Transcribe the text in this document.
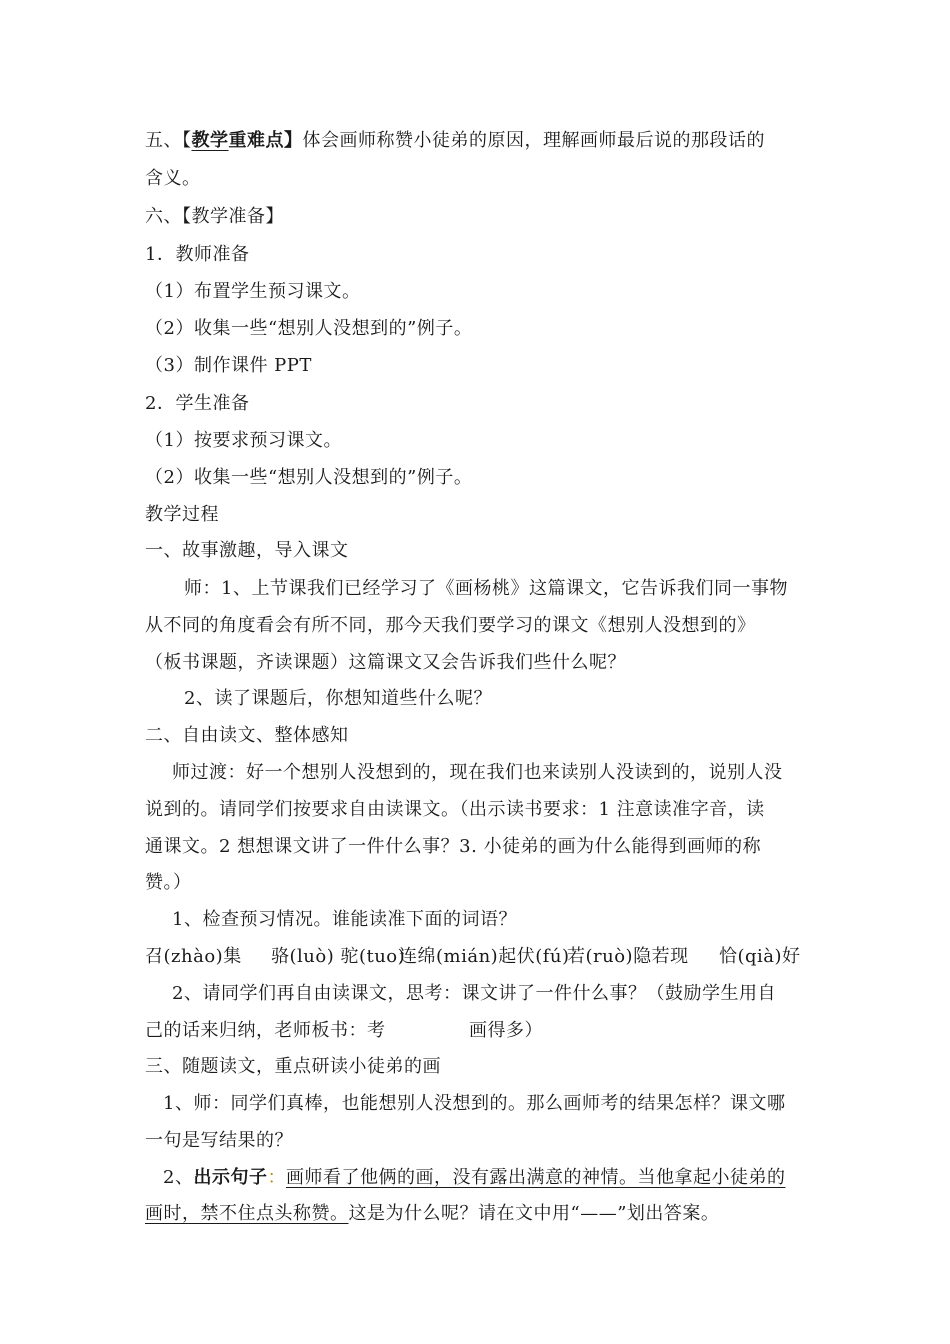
五、【教学重难点】体会画师称赞小徒弟的原因，理解画师最后说的那段话的
含义。
六、【教学准备】
1．教师准备
（1）布置学生预习课文。
（2）收集一些“想别人没想到的”例子。
（3）制作课件 PPT
2．学生准备
（1）按要求预习课文。
（2）收集一些“想别人没想到的”例子。
教学过程
一、故事激趣，导入课文
师：1、上节课我们已经学习了《画杨桃》这篇课文，它告诉我们同一事物
从不同的角度看会有所不同，那今天我们要学习的课文《想别人没想到的》
（板书课题，齐读课题）这篇课文又会告诉我们些什么呢？
2、读了课题后，你想知道些什么呢？
二、自由读文、整体感知
师过渡：好一个想别人没想到的，现在我们也来读别人没读到的，说别人没
说到的。请同学们按要求自由读课文。（出示读书要求：1 注意读准字音，读
通课文。2 想想课文讲了一件什么事？3. 小徒弟的画为什么能得到画师的称
赞。）
1、检查预习情况。谁能读准下面的词语？
召(zhào)集 骆(luò) 驼(tuo)连绵(mián)起伏(fú)若(ruò)隐若现 恰(qià)好
2、请同学们再自由读课文，思考：课文讲了一件什么事？（鼓励学生用自
己的话来归纳，老师板书：考	画得多）
三、随题读文，重点研读小徒弟的画
1、师：同学们真棒，也能想别人没想到的。那么画师考的结果怎样？课文哪
一句是写结果的？
2、出示句子：画师看了他俩的画，没有露出满意的神情。当他拿起小徒弟的
画时，禁不住点头称赞。这是为什么呢？请在文中用“——”划出答案。
